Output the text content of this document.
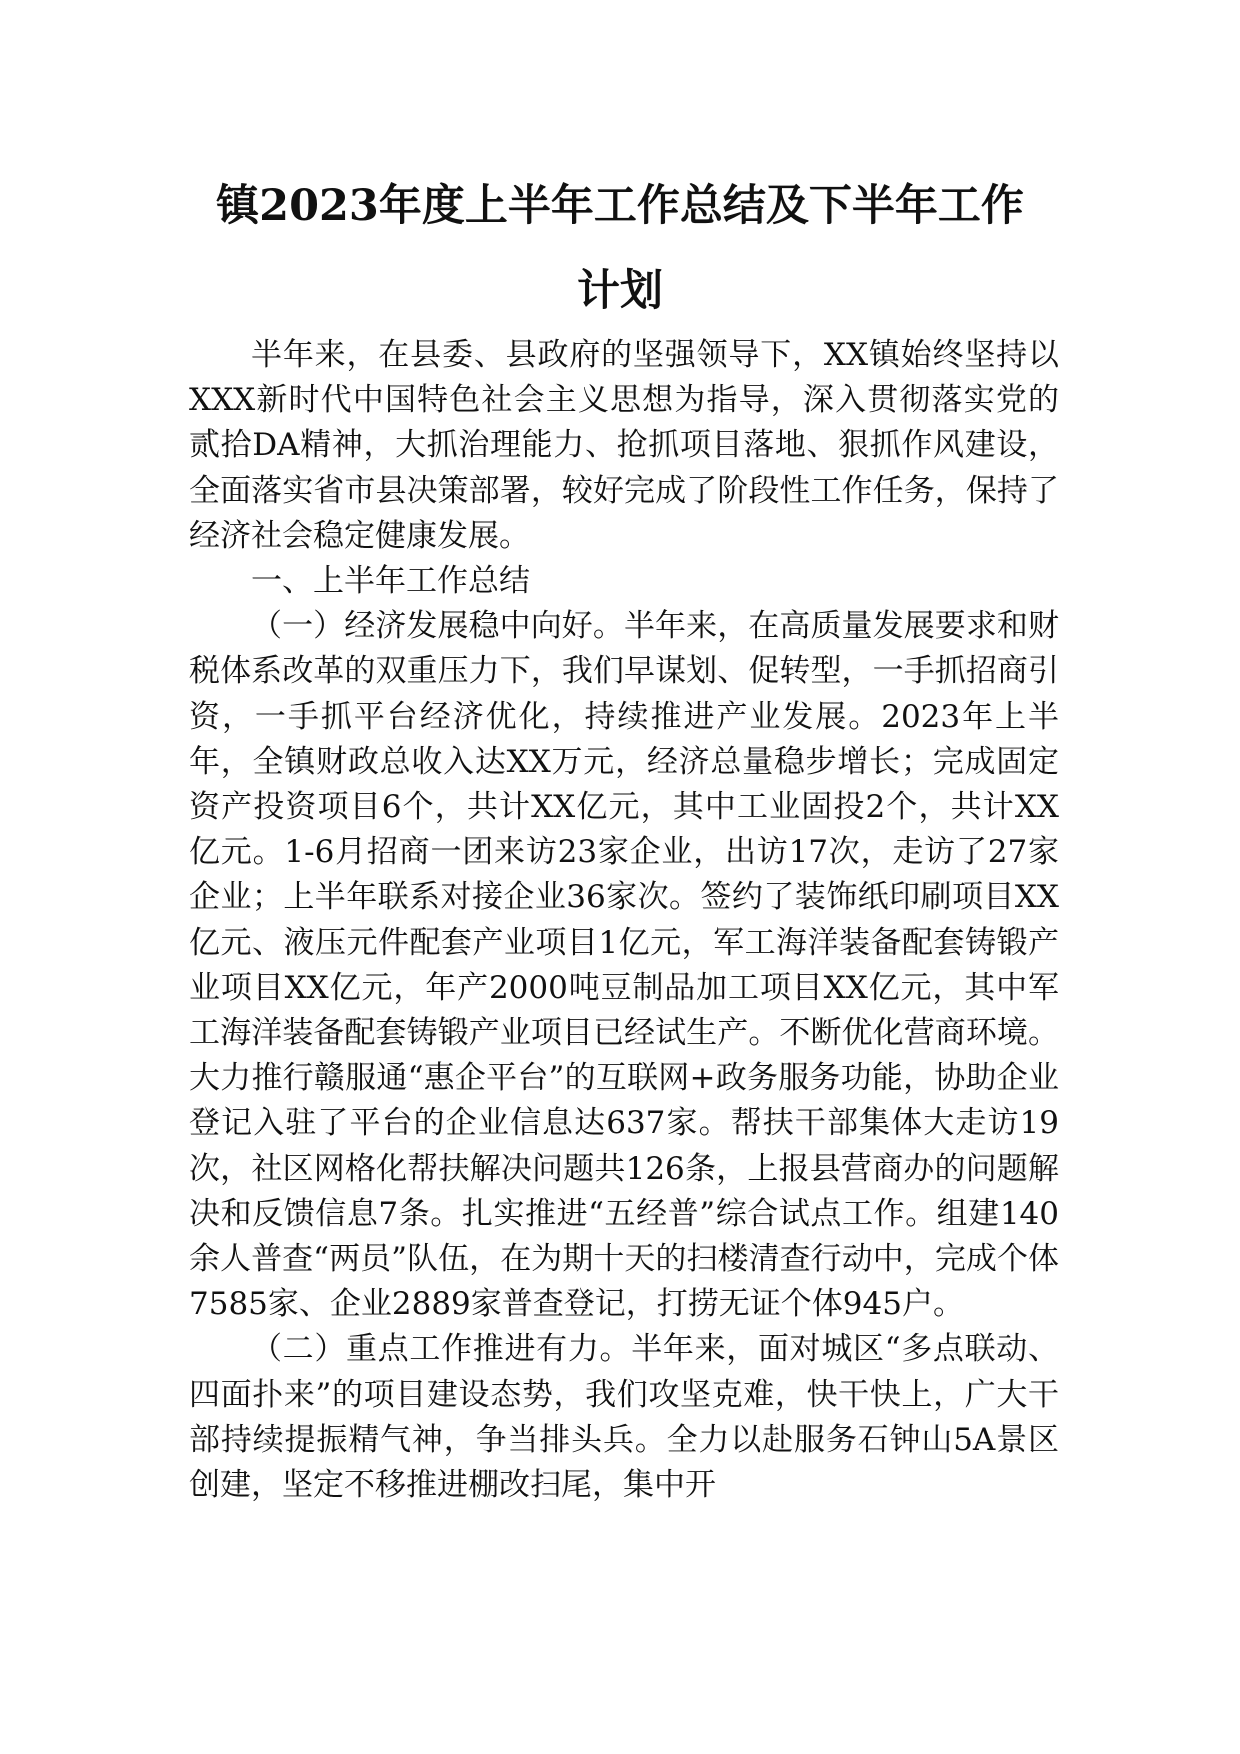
镇2023年度上半年工作总结及下半年工作
计划

半年来，在县委、县政府的坚强领导下，XX镇始终坚持以XXX新时代中国特色社会主义思想为指导，深入贯彻落实党的贰拾DA精神，大抓治理能力、抢抓项目落地、狠抓作风建设，全面落实省市县决策部署，较好完成了阶段性工作任务，保持了经济社会稳定健康发展。

一、上半年工作总结

（一）经济发展稳中向好。半年来，在高质量发展要求和财税体系改革的双重压力下，我们早谋划、促转型，一手抓招商引资，一手抓平台经济优化，持续推进产业发展。2023年上半年，全镇财政总收入达XX万元，经济总量稳步增长；完成固定资产投资项目6个，共计XX亿元，其中工业固投2个，共计XX亿元。1-6月招商一团来访23家企业，出访17次，走访了27家企业；上半年联系对接企业36家次。签约了装饰纸印刷项目XX亿元、液压元件配套产业项目1亿元，军工海洋装备配套铸锻产业项目XX亿元，年产2000吨豆制品加工项目XX亿元，其中军工海洋装备配套铸锻产业项目已经试生产。不断优化营商环境。大力推行赣服通“惠企平台”的互联网+政务服务功能，协助企业登记入驻了平台的企业信息达637家。帮扶干部集体大走访19次，社区网格化帮扶解决问题共126条，上报县营商办的问题解决和反馈信息7条。扎实推进“五经普”综合试点工作。组建140余人普查“两员”队伍，在为期十天的扫楼清查行动中，完成个体7585家、企业2889家普查登记，打捞无证个体945户。

（二）重点工作推进有力。半年来，面对城区“多点联动、四面扑来”的项目建设态势，我们攻坚克难，快干快上，广大干部持续提振精气神，争当排头兵。全力以赴服务石钟山5A景区创建，坚定不移推进棚改扫尾，集中开
